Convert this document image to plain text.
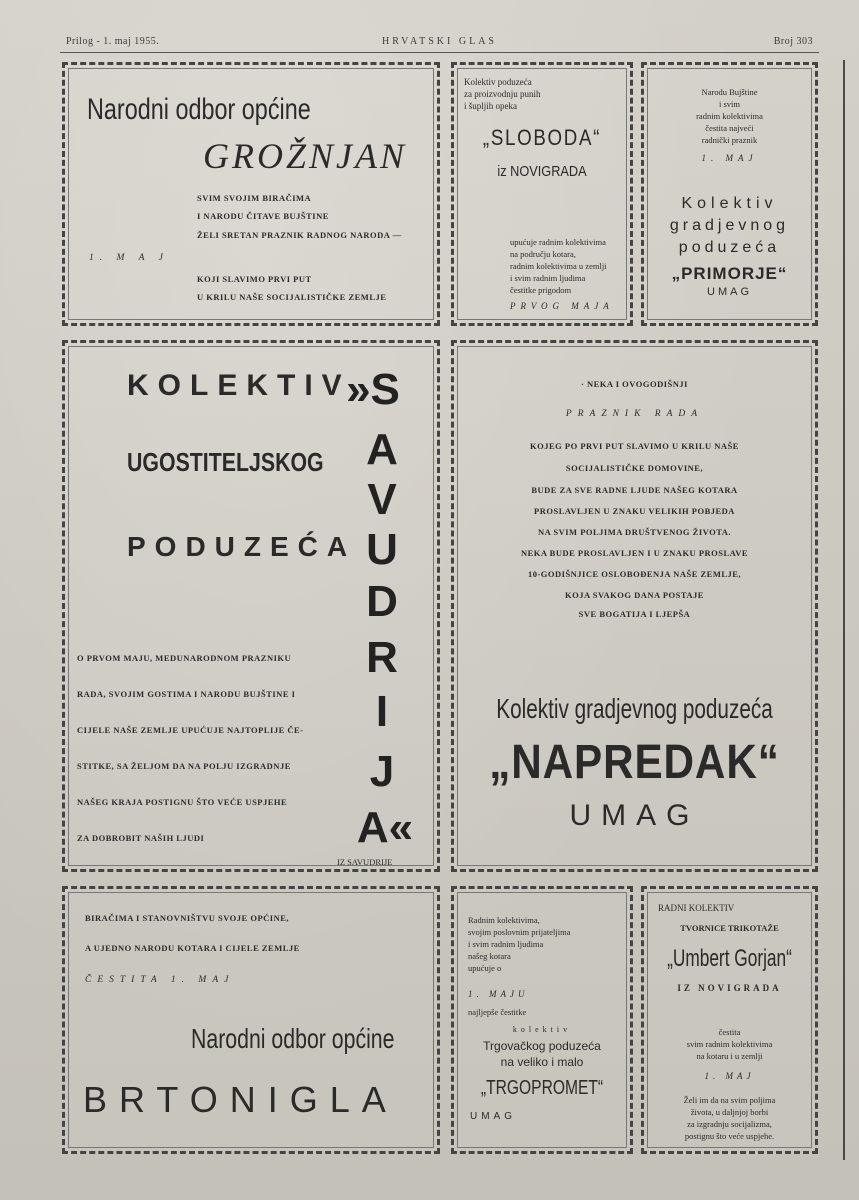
Prilog - 1. maj 1955.	HRVATSKI GLAS	Broj 303
Narodni odbor općine
GROŽNJAN
SVIM SVOJIM BIRAČIMA
I NARODU ČITAVE BUJŠTINE
ŽELI SRETAN PRAZNIK RADNOG NARODA —
1. M A J
KOJI SLAVIMO PRVI PUT
U KRILU NAŠE SOCIJALISTIČKE ZEMLJE
Kolektiv poduzeća
za proizvodnju punih
i šupljih opeka
„SLOBODA“
iz NOVIGRADA
upućuje radnim kolektivima
na području kotara,
radnim kolektivima u zemlji
i svim radnim ljudima
čestitke prigodom
PRVOG MAJA
Narodu Bujštine
i svim
radnim kolektivima
čestita najveći
radnički praznik
1. MAJ
Kolektiv
gradjevnog
poduzeća
„PRIMORJE“
UMAG
KOLEKTIV
UGOSTITELJSKOG
PODUZEĆA
»S
A
V
U
D
R
I
J
A«
O PRVOM MAJU, MEDUNARODNOM PRAZNIKU
RADA, SVOJIM GOSTIMA I NARODU BUJŠTINE I
CIJELE NAŠE ZEMLJE UPUĆUJE NAJTOPLIJE ČE-
STITKE, SA ŽELJOM DA NA POLJU IZGRADNJE
NAŠEG KRAJA POSTIGNU ŠTO VEĆE USPJEHE
ZA DOBROBIT NAŠIH LJUDI
IZ SAVUDRIJE
· NEKA I OVOGODIŠNJI
PRAZNIK RADA
KOJEG PO PRVI PUT SLAVIMO U KRILU NAŠE
SOCIJALISTIČKE DOMOVINE,
BUDE ZA SVE RADNE LJUDE NAŠEG KOTARA
PROSLAVLJEN U ZNAKU VELIKIH POBJEDA
NA SVIM POLJIMA DRUŠTVENOG ŽIVOTA.
NEKA BUDE PROSLAVLJEN I U ZNAKU PROSLAVE
10-GODIŠNJICE OSLOBOĐENJA NAŠE ZEMLJE,
KOJA SVAKOG DANA POSTAJE
SVE BOGATIJA I LJEPŠA
Kolektiv gradjevnog poduzeća
„NAPREDAK“
UMAG
BIRAČIMA I STANOVNIŠTVU SVOJE OPĆINE,
A UJEDNO NARODU KOTARA I CIJELE ZEMLJE
ČESTITA 1. MAJ
Narodni odbor općine
BRTONIGLA
Radnim kolektivima,
svojim poslovnim prijateljima
i svim radnim ljudima
našeg kotara
upućuje o
1. MAJU
najljepše čestitke
kolektiv
Trgovačkog poduzeća
na veliko i malo
„TRGOPROMET“
UMAG
RADNI KOLEKTIV
TVORNICE TRIKOTAŽE
„Umbert Gorjan“
IZ NOVIGRADA
čestita
svim radnim kolektivima
na kotaru i u zemlji
1. MAJ
Želi im da na svim poljima
života, u daljnjoj borbi
za izgradnju socijalizma,
postignu što veće uspjehe.
